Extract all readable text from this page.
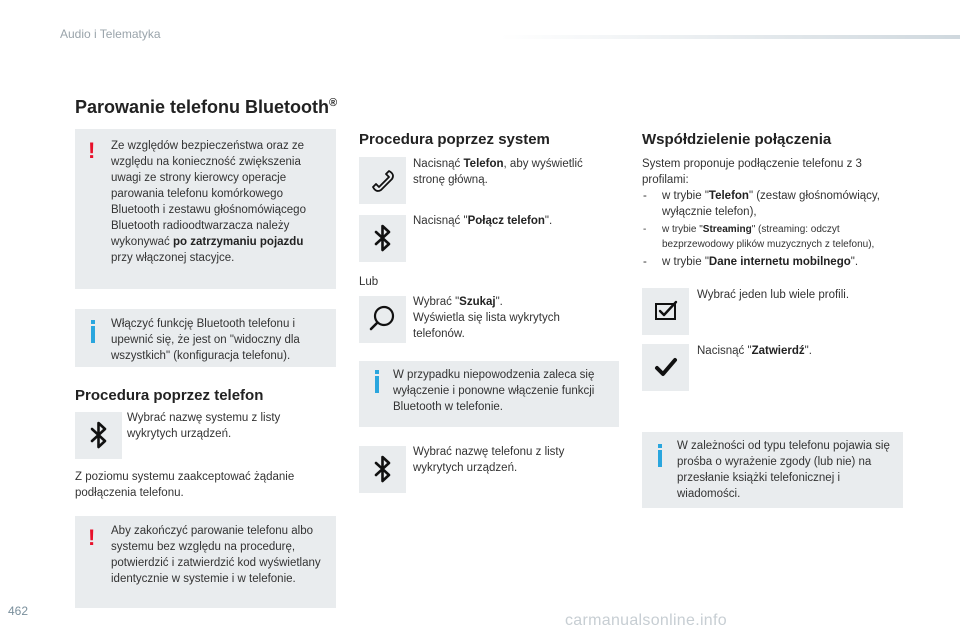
Audio i Telematyka
Parowanie telefonu Bluetooth®
! Ze względów bezpieczeństwa oraz ze względu na konieczność zwiększenia uwagi ze strony kierowcy operacje parowania telefonu komórkowego Bluetooth i zestawu głośnomówiącego Bluetooth radioodtwarzacza należy wykonywać po zatrzymaniu pojazdu przy włączonej stacyjce.
Włączyć funkcję Bluetooth telefonu i upewnić się, że jest on "widoczny dla wszystkich" (konfiguracja telefonu).
Procedura poprzez telefon
Wybrać nazwę systemu z listy wykrytych urządzeń.
Z poziomu systemu zaakceptować żądanie podłączenia telefonu.
! Aby zakończyć parowanie telefonu albo systemu bez względu na procedurę, potwierdzić i zatwierdzić kod wyświetlany identycznie w systemie i w telefonie.
Procedura poprzez system
Nacisnąć Telefon, aby wyświetlić stronę główną.
Nacisnąć "Połącz telefon".
Lub
Wybrać "Szukaj".
Wyświetla się lista wykrytych telefonów.
W przypadku niepowodzenia zaleca się wyłączenie i ponowne włączenie funkcji Bluetooth w telefonie.
Wybrać nazwę telefonu z listy wykrytych urządzeń.
Współdzielenie połączenia
System proponuje podłączenie telefonu z 3 profilami:
- w trybie "Telefon" (zestaw głośnomówiący, wyłącznie telefon),
- w trybie "Streaming" (streaming: odczyt bezprzewodowy plików muzycznych z telefonu),
- w trybie "Dane internetu mobilnego".
Wybrać jeden lub wiele profili.
Nacisnąć "Zatwierdź".
W zależności od typu telefonu pojawia się prośba o wyrażenie zgody (lub nie) na przesłanie książki telefonicznej i wiadomości.
462
carmanualsonline.info
